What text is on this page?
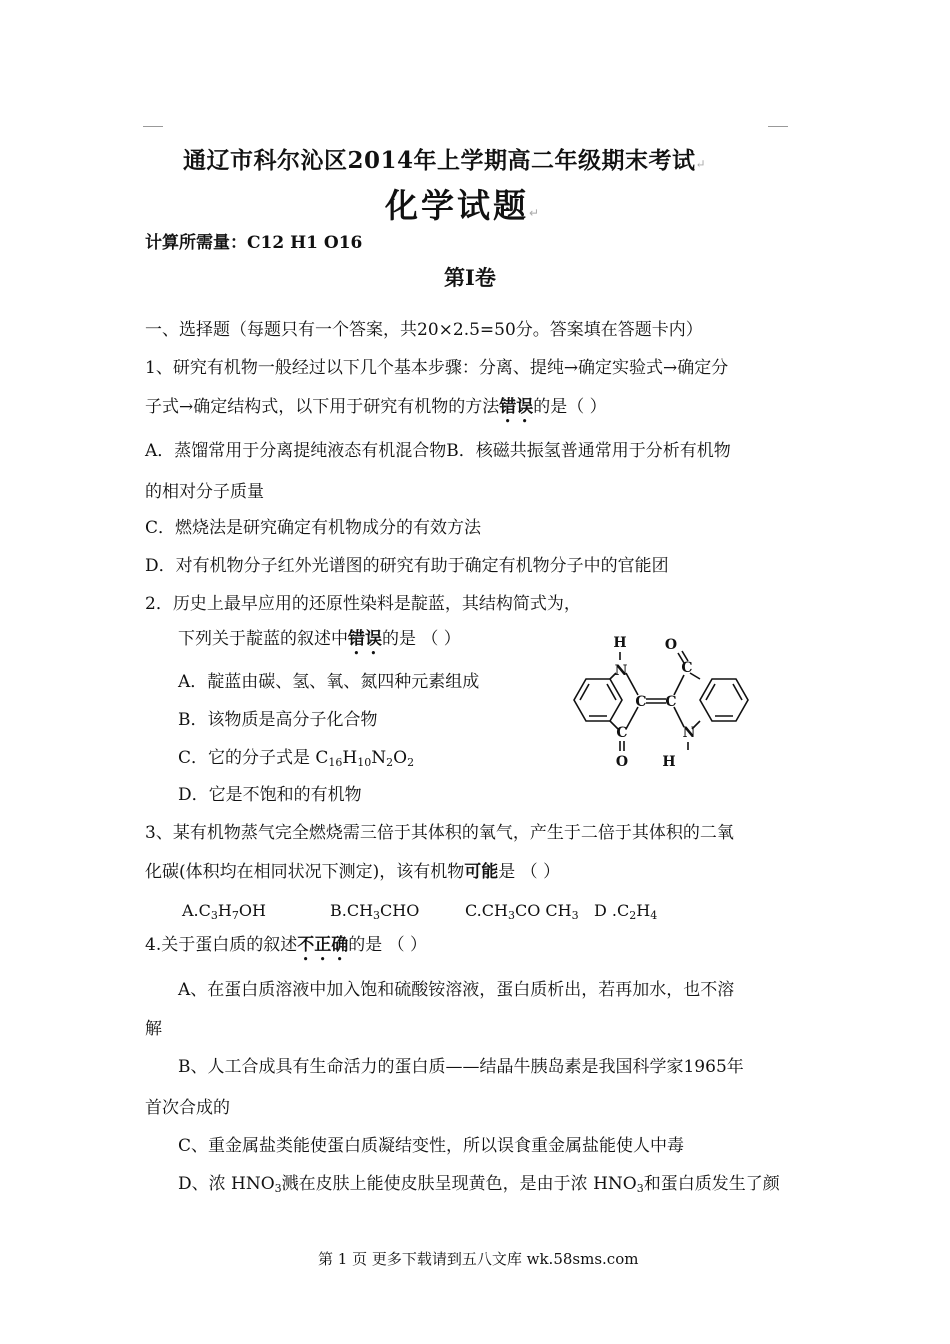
通辽市科尔沁区2014年上学期高二年级期末考试↵
化学试题↵
计算所需量：C12 H1 O16
第Ⅰ卷
一、选择题（每题只有一个答案，共20×2.5=50分。答案填在答题卡内）
1、研究有机物一般经过以下几个基本步骤：分离、提纯→确定实验式→确定分
子式→确定结构式，以下用于研究有机物的方法错误的是（ ）
A．蒸馏常用于分离提纯液态有机混合物B．核磁共振氢普通常用于分析有机物
的相对分子质量
C．燃烧法是研究确定有机物成分的有效方法
D．对有机物分子红外光谱图的研究有助于确定有机物分子中的官能团
2．历史上最早应用的还原性染料是靛蓝，其结构简式为，
下列关于靛蓝的叙述中错误的是 （ ）
A．靛蓝由碳、氢、氧、氮四种元素组成
B．该物质是高分子化合物
C．它的分子式是 $C_{16}H_{10}N_2O_2$
D．它是不饱和的有机物
H	O
N	C
C C
C	N
O H
3、某有机物蒸气完全燃烧需三倍于其体积的氧气，产生于二倍于其体积的二氧
化碳(体积均在相同状况下测定)，该有机物可能是 （ ）
$A.C_3H_7OH$	$B.CH_3CHO$	$C.CH_3CO$ $CH_3$ D $.C_2H_4$
4.关于蛋白质的叙述不正确的是 （ ）
A、在蛋白质溶液中加入饱和硫酸铵溶液，蛋白质析出，若再加水，也不溶
解
B、人工合成具有生命活力的蛋白质——结晶牛胰岛素是我国科学家1965年
首次合成的
C、重金属盐类能使蛋白质凝结变性，所以误食重金属盐能使人中毒
D、浓 $HNO_3$溅在皮肤上能使皮肤呈现黄色，是由于浓 $HNO_3$和蛋白质发生了颜
第 1 页 更多下载请到五八文库 wk.58sms.com
